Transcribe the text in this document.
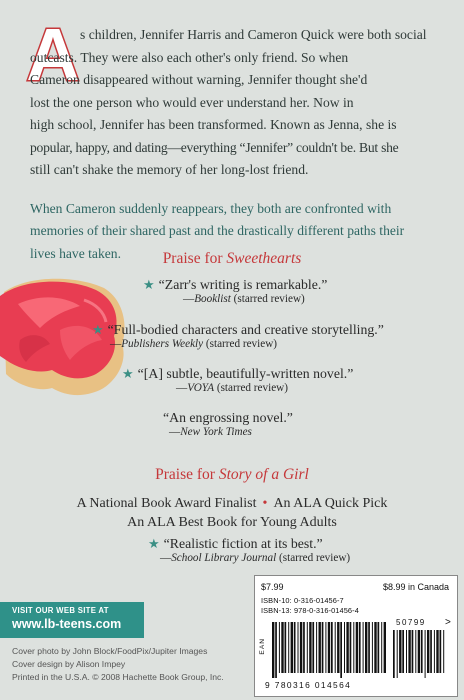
A s children, Jennifer Harris and Cameron Quick were both social
outcasts. They were also each other's only friend. So when
Cameron disappeared without warning, Jennifer thought she'd
lost the one person who would ever understand her. Now in
high school, Jennifer has been transformed. Known as Jenna, she is
popular, happy, and dating—everything “Jennifer” couldn't be. But she
still can't shake the memory of her long-lost friend.

When Cameron suddenly reappears, they both are confronted with memories of their shared past and the drastically different paths their lives have taken.	Praise for Sweethearts
★ “Zarr's writing is remarkable.”
—Booklist (starred review)
★ “Full-bodied characters and creative storytelling.”
—Publishers Weekly (starred review)
★ “[A] subtle, beautifully-written novel.”
—VOYA (starred review)
“An engrossing novel.”
—New York Times
Praise for Story of a Girl
A National Book Award Finalist • An ALA Quick Pick
An ALA Best Book for Young Adults
★ “Realistic fiction at its best.”
—School Library Journal (starred review)
VISIT OUR WEB SITE AT
www.lb-teens.com
Cover photo by John Block/FoodPix/Jupiter Images
Cover design by Alison Impey
Printed in the U.S.A. © 2008 Hachette Book Group, Inc.
$7.99	$8.99 in Canada
ISBN-10: 0-316-01456-7
ISBN-13: 978-0-316-01456-4
EAN
50799 >
9 780316 014564
